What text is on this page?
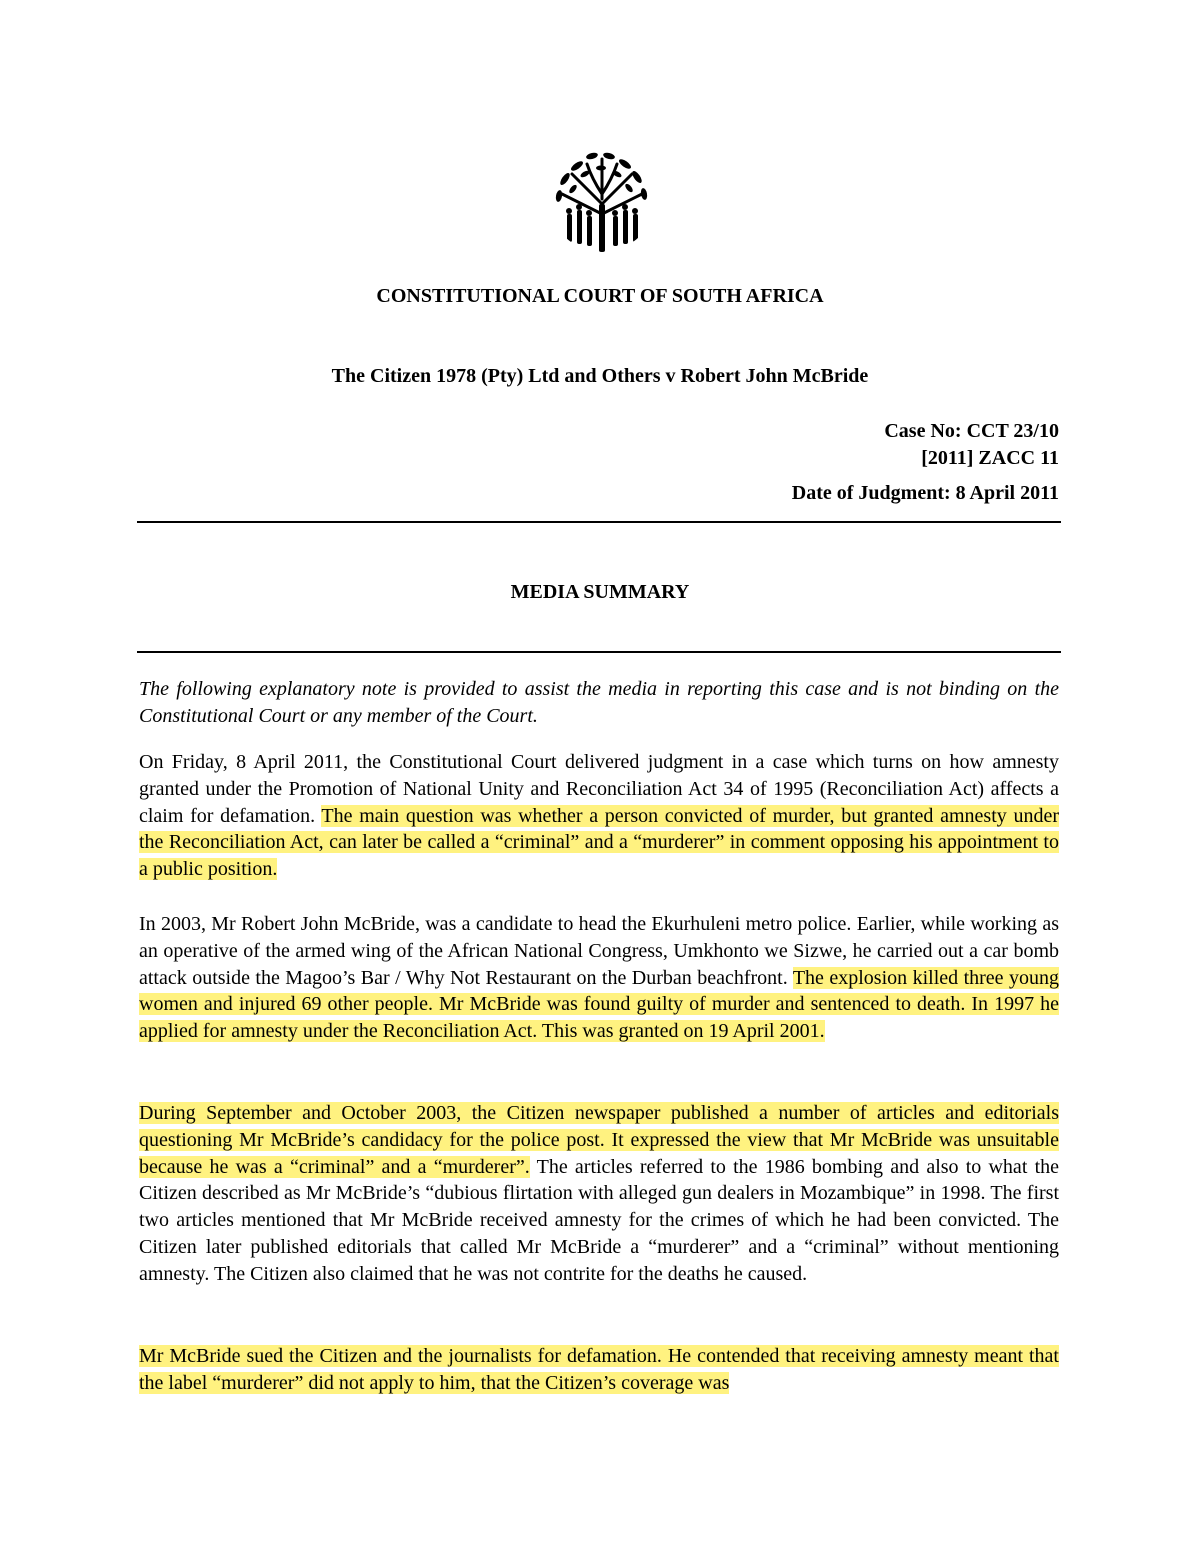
CONSTITUTIONAL COURT OF SOUTH AFRICA

The Citizen 1978 (Pty) Ltd and Others v Robert John McBride

Case No: CCT 23/10

[2011] ZACC 11

Date of Judgment: 8 April 2011

MEDIA SUMMARY

The following explanatory note is provided to assist the media in reporting this case and is not binding on the Constitutional Court or any member of the Court.

On Friday, 8 April 2011, the Constitutional Court delivered judgment in a case which turns on how amnesty granted under the Promotion of National Unity and Reconciliation Act 34 of 1995 (Reconciliation Act) affects a claim for defamation. The main question was whether a person convicted of murder, but granted amnesty under the Reconciliation Act, can later be called a “criminal” and a “murderer” in comment opposing his appointment to a public position.

In 2003, Mr Robert John McBride, was a candidate to head the Ekurhuleni metro police. Earlier, while working as an operative of the armed wing of the African National Congress, Umkhonto we Sizwe, he carried out a car bomb attack outside the Magoo’s Bar / Why Not Restaurant on the Durban beachfront. The explosion killed three young women and injured 69 other people. Mr McBride was found guilty of murder and sentenced to death. In 1997 he applied for amnesty under the Reconciliation Act. This was granted on 19 April 2001.

During September and October 2003, the Citizen newspaper published a number of articles and editorials questioning Mr McBride’s candidacy for the police post. It expressed the view that Mr McBride was unsuitable because he was a “criminal” and a “murderer”. The articles referred to the 1986 bombing and also to what the Citizen described as Mr McBride’s “dubious flirtation with alleged gun dealers in Mozambique” in 1998. The first two articles mentioned that Mr McBride received amnesty for the crimes of which he had been convicted. The Citizen later published editorials that called Mr McBride a “murderer” and a “criminal” without mentioning amnesty. The Citizen also claimed that he was not contrite for the deaths he caused.

Mr McBride sued the Citizen and the journalists for defamation. He contended that receiving amnesty meant that the label “murderer” did not apply to him, that the Citizen’s coverage was
